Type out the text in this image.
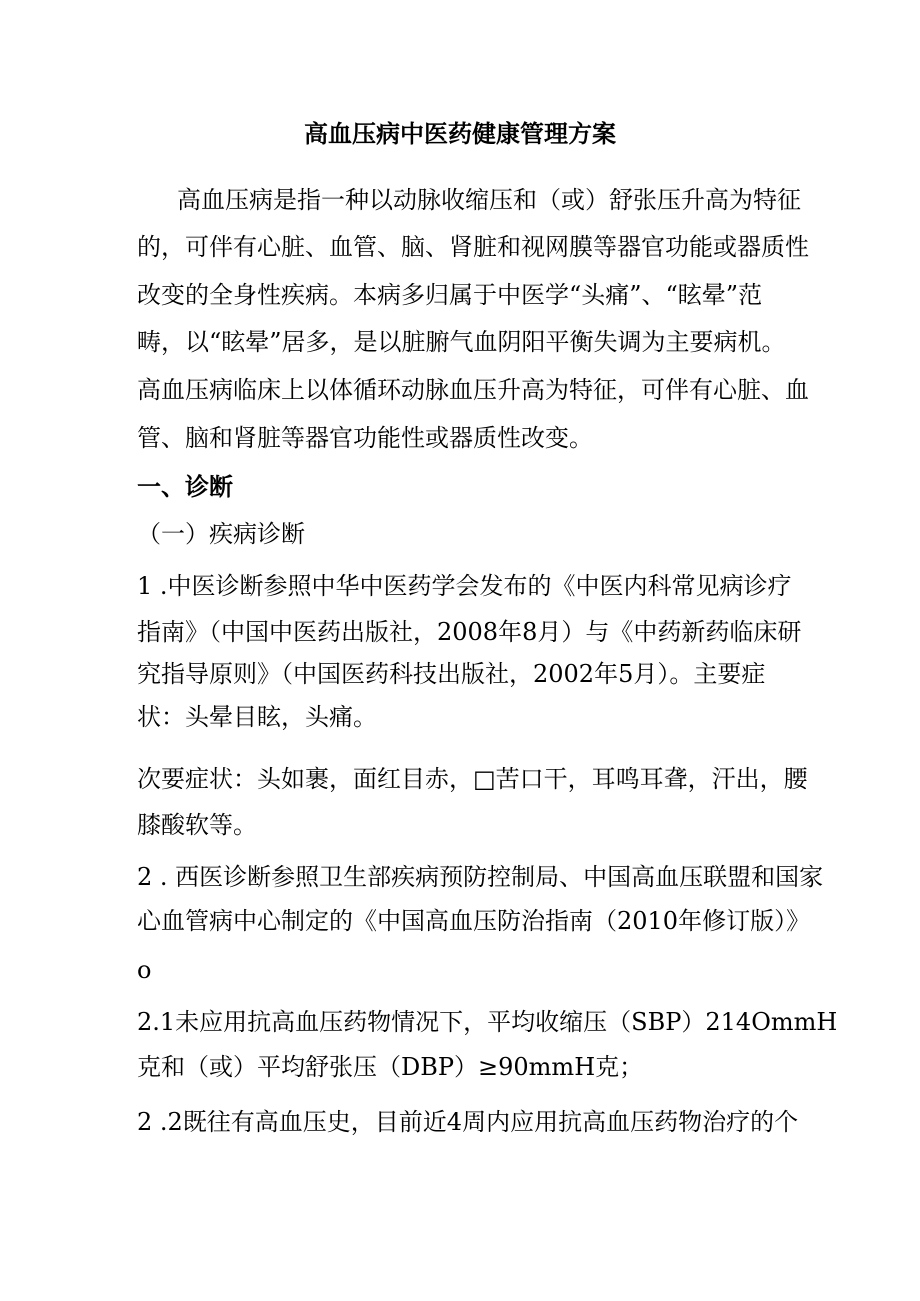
高血压病中医药健康管理方案
高血压病是指一种以动脉收缩压和（或）舒张压升高为特征
的，可伴有心脏、血管、脑、肾脏和视网膜等器官功能或器质性
改变的全身性疾病。本病多归属于中医学“头痛”、“眩晕”范
畴，以“眩晕”居多，是以脏腑气血阴阳平衡失调为主要病机。
高血压病临床上以体循环动脉血压升高为特征，可伴有心脏、血
管、脑和肾脏等器官功能性或器质性改变。
一、诊断
（一）疾病诊断
1 .中医诊断参照中华中医药学会发布的《中医内科常见病诊疗
指南》（中国中医药出版社，2008年8月）与《中药新药临床研
究指导原则》（中国医药科技出版社，2002年5月）。主要症
状：头晕目眩，头痛。
次要症状：头如裹，面红目赤，□苦口干，耳鸣耳聋，汗出，腰
膝酸软等。
2 . 西医诊断参照卫生部疾病预防控制局、中国高血压联盟和国家
心血管病中心制定的《中国高血压防治指南（2010年修订版）》
o
2.1未应用抗高血压药物情况下，平均收缩压（SBP）214OmmH
克和（或）平均舒张压（DBP）≥90mmH克；
2 .2既往有高血压史，目前近4周内应用抗高血压药物治疗的个
